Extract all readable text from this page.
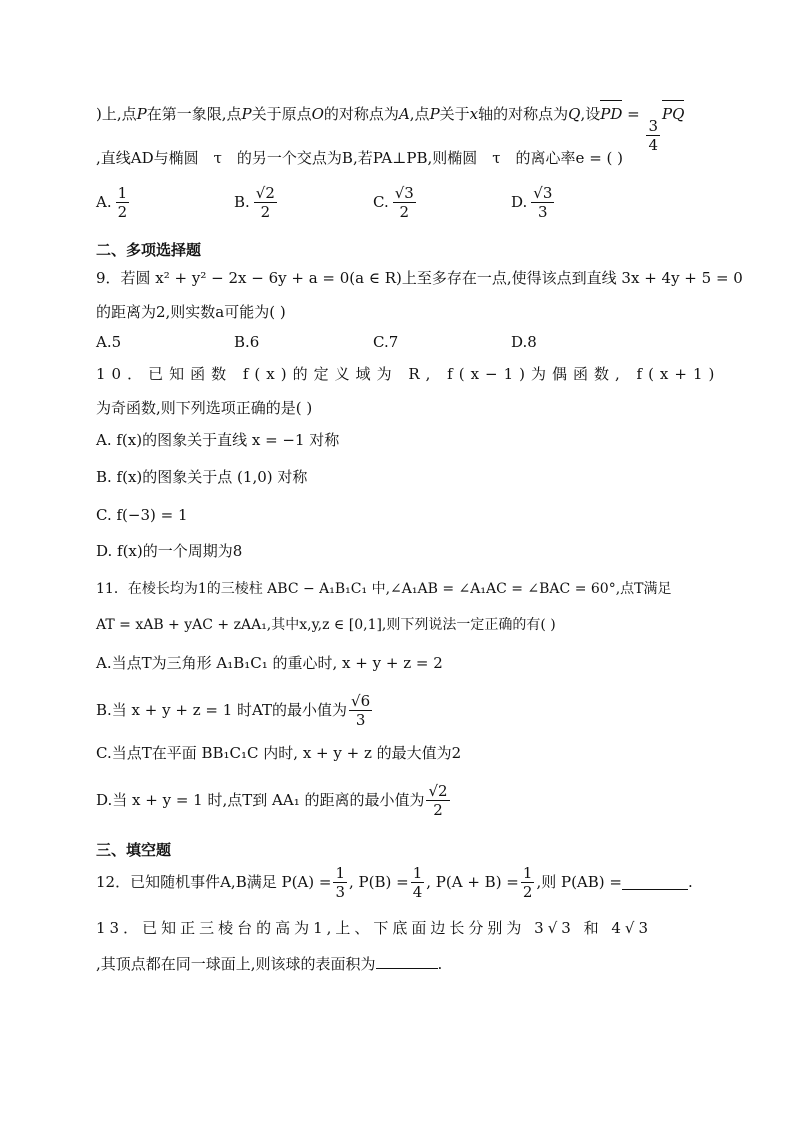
)上,点P在第一象限,点P关于原点O的对称点为A,点P关于x轴的对称点为Q,设PD =
$\frac{3}{4}$
PQ
,直线AD与椭圆　τ　的另一个交点为B,若PA⊥PB,则椭圆　τ　的离心率e = ( )
A. $\frac{1}{2}$	B. $\frac{√2}{2}$	C. $\frac{√3}{2}$	D. $\frac{√3}{3}$
二、多项选择题
9．若圆 x² + y² − 2x − 6y + a = 0(a ∈ R)上至多存在一点,使得该点到直线 3x + 4y + 5 = 0
的距离为2,则实数a可能为( )
A.5	B.6	C.7	D.8
10．已知函数 f(x)的定义域为 R, f(x−1)为偶函数, f(x+1)
为奇函数,则下列选项正确的是( )
A. f(x)的图象关于直线 x = −1 对称
B. f(x)的图象关于点 (1,0) 对称
C. f(−3) = 1
D. f(x)的一个周期为8
11．在棱长均为1的三棱柱 ABC − A₁B₁C₁ 中,∠A₁AB = ∠A₁AC = ∠BAC = 60°,点T满足
AT = xAB + yAC + zAA₁,其中x,y,z ∈ [0,1],则下列说法一定正确的有( )
A.当点T为三角形 A₁B₁C₁ 的重心时, x + y + z = 2
B.当 x + y + z = 1 时AT的最小值为 $\frac{√6}{3}$
C.当点T在平面 BB₁C₁C 内时, x + y + z 的最大值为2
D.当 x + y = 1 时,点T到 AA₁ 的距离的最小值为 $\frac{√2}{2}$
三、填空题
12．已知随机事件A,B满足 $P(A) = \frac{1}{3}$ , $P(B) = \frac{1}{4}$ , $P(A + B) = \frac{1}{2}$ ,则 P(AB) =	.
13．已知正三棱台的高为1,上、下底面边长分别为 3√3 和 4√3
,其顶点都在同一球面上,则该球的表面积为	.
